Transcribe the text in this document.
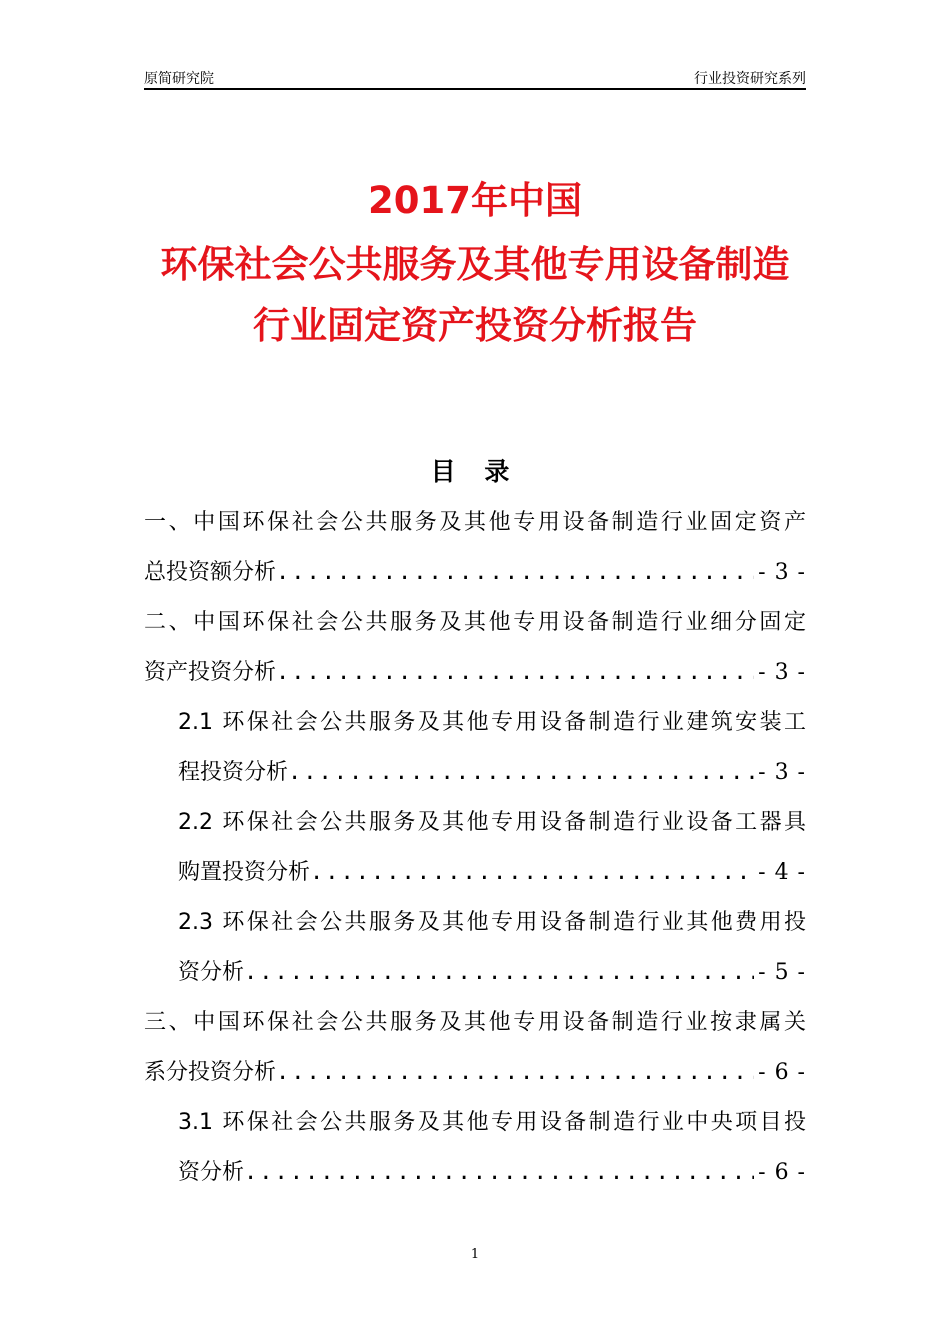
原简研究院	行业投资研究系列
2017年中国
环保社会公共服务及其他专用设备制造
行业固定资产投资分析报告
目 录
一、中国环保社会公共服务及其他专用设备制造行业固定资产
总投资额分析 .....	- 3 -
二、中国环保社会公共服务及其他专用设备制造行业细分固定
资产投资分析 .....	- 3 -
2.1 环保社会公共服务及其他专用设备制造行业建筑安装工
程投资分析 .....	- 3 -
2.2 环保社会公共服务及其他专用设备制造行业设备工器具
购置投资分析 .....	- 4 -
2.3 环保社会公共服务及其他专用设备制造行业其他费用投
资分析 .....	- 5 -
三、中国环保社会公共服务及其他专用设备制造行业按隶属关
系分投资分析 .....	- 6 -
3.1 环保社会公共服务及其他专用设备制造行业中央项目投
资分析 .....	- 6 -
1
